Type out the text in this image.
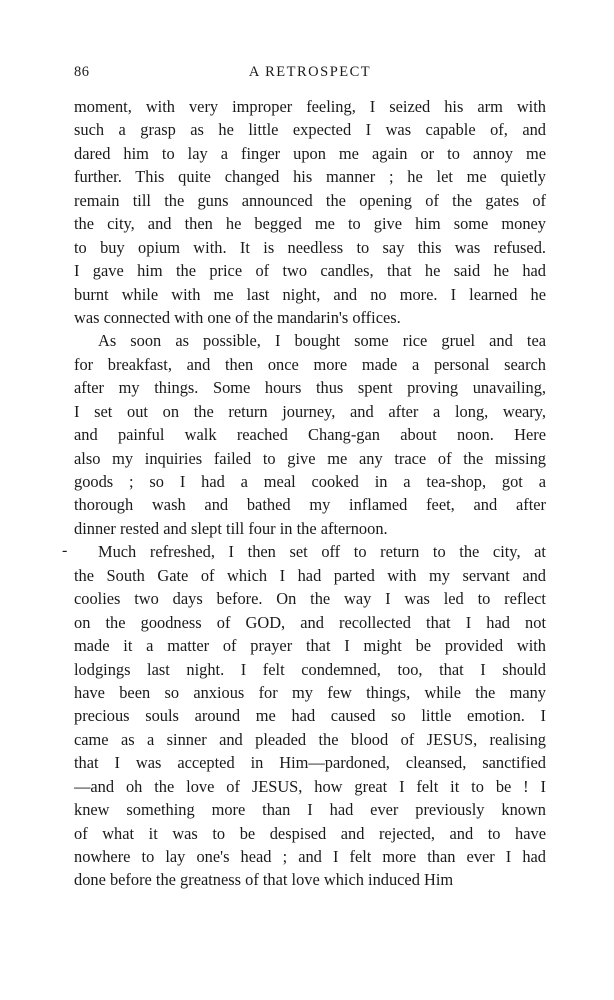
86	A RETROSPECT
-
moment, with very improper feeling, I seized his arm with
such a grasp as he little expected I was capable of, and
dared him to lay a finger upon me again or to annoy me
further. This quite changed his manner ; he let me quietly
remain till the guns announced the opening of the gates of
the city, and then he begged me to give him some money
to buy opium with. It is needless to say this was refused.
I gave him the price of two candles, that he said he had
burnt while with me last night, and no more. I learned he
was connected with one of the mandarin's offices.
As soon as possible, I bought some rice gruel and tea
for breakfast, and then once more made a personal search
after my things. Some hours thus spent proving unavailing,
I set out on the return journey, and after a long, weary,
and painful walk reached Chang-gan about noon. Here
also my inquiries failed to give me any trace of the missing
goods ; so I had a meal cooked in a tea-shop, got a
thorough wash and bathed my inflamed feet, and after
dinner rested and slept till four in the afternoon.
Much refreshed, I then set off to return to the city, at
the South Gate of which I had parted with my servant and
coolies two days before. On the way I was led to reflect
on the goodness of GOD, and recollected that I had not
made it a matter of prayer that I might be provided with
lodgings last night. I felt condemned, too, that I should
have been so anxious for my few things, while the many
precious souls around me had caused so little emotion. I
came as a sinner and pleaded the blood of JESUS, realising
that I was accepted in Him—pardoned, cleansed, sanctified
—and oh the love of JESUS, how great I felt it to be ! I
knew something more than I had ever previously known
of what it was to be despised and rejected, and to have
nowhere to lay one's head ; and I felt more than ever I had
done before the greatness of that love which induced Him
